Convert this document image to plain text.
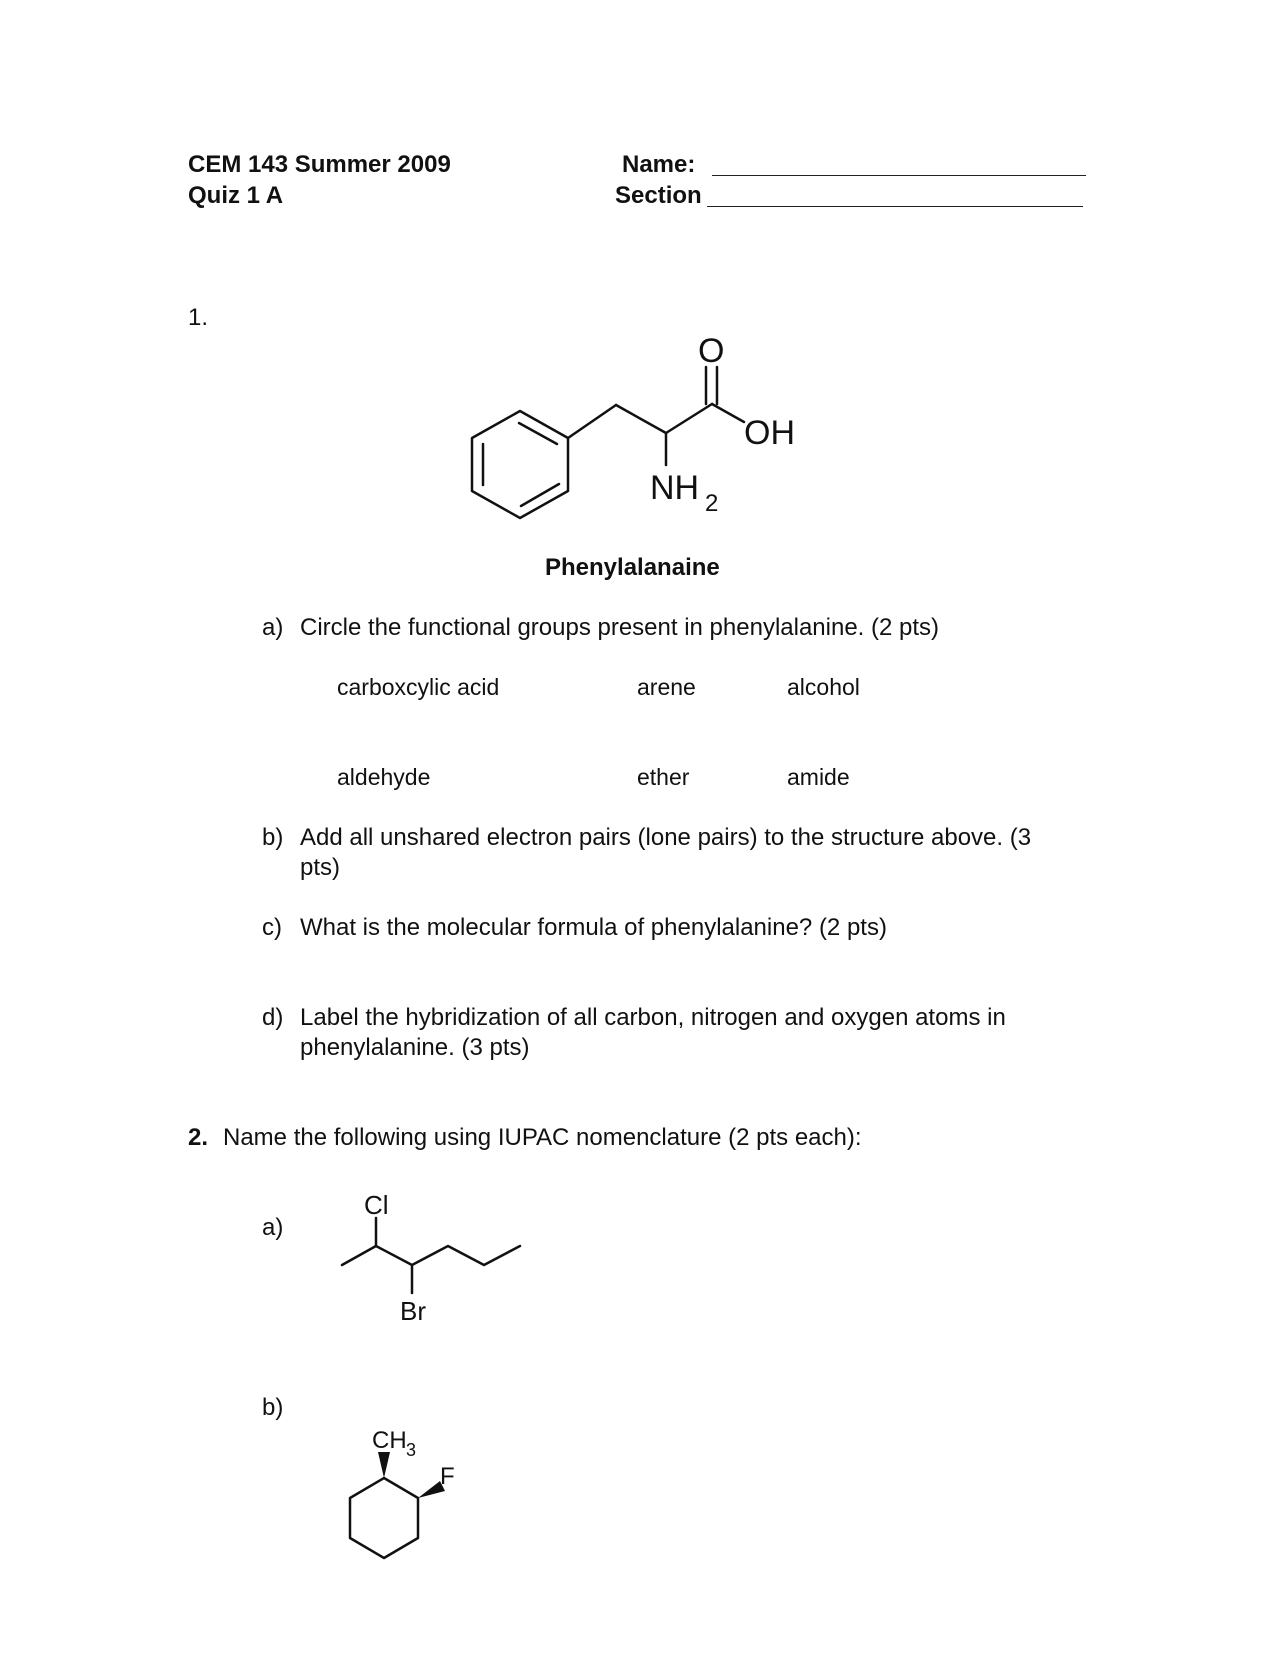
CEM 143 Summer 2009
Quiz 1 A
Name:
Section
1.
O
OH
NH 2
Phenylalanaine
a) Circle the functional groups present in phenylalanine. (2 pts)
carboxcylic acid	arene	alcohol
aldehyde	ether	amide
b) Add all unshared electron pairs (lone pairs) to the structure above. (3
pts)
c) What is the molecular formula of phenylalanine? (2 pts)
d) Label the hybridization of all carbon, nitrogen and oxygen atoms in
phenylalanine. (3 pts)
2. Name the following using IUPAC nomenclature (2 pts each):
a)
Cl
Br
b)
CH 3
F
